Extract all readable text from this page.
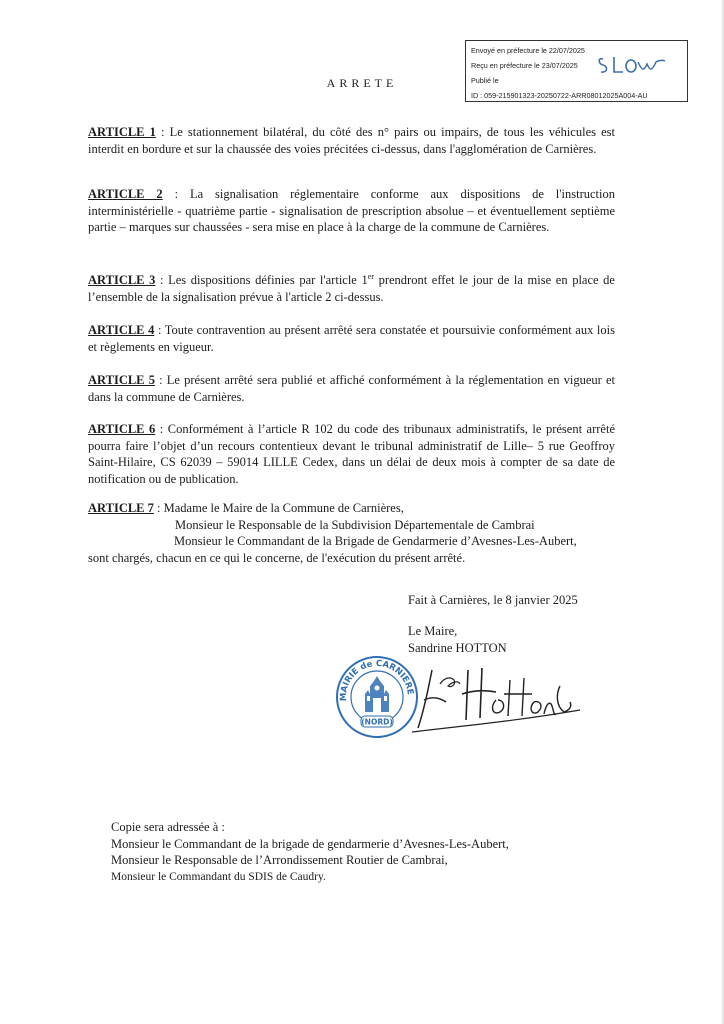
Envoyé en préfecture le 22/07/2025
Reçu en préfecture le 23/07/2025
Publié le
ID : 059-215901323-20250722-ARR08012025A004-AU
ARRETE

ARTICLE 1 : Le stationnement bilatéral, du côté des n° pairs ou impairs, de tous les véhicules est interdit en bordure et sur la chaussée des voies précitées ci-dessus, dans l'agglomération de Carnières.

ARTICLE 2 : La signalisation réglementaire conforme aux dispositions de l'instruction interministérielle - quatrième partie - signalisation de prescription absolue – et éventuellement septième partie – marques sur chaussées - sera mise en place à la charge de la commune de Carnières.

ARTICLE 3 : Les dispositions définies par l'article 1er prendront effet le jour de la mise en place de l’ensemble de la signalisation prévue à l'article 2 ci-dessus.

ARTICLE 4 : Toute contravention au présent arrêté sera constatée et poursuivie conformément aux lois et règlements en vigueur.

ARTICLE 5 : Le présent arrêté sera publié et affiché conformément à la réglementation en vigueur et dans la commune de Carnières.

ARTICLE 6 : Conformément à l’article R 102 du code des tribunaux administratifs, le présent arrêté pourra faire l’objet d’un recours contentieux devant le tribunal administratif de Lille– 5 rue Geoffroy Saint-Hilaire, CS 62039 – 59014 LILLE Cedex, dans un délai de deux mois à compter de sa date de notification ou de publication.

ARTICLE 7 : Madame le Maire de la Commune de Carnières,
Monsieur le Responsable de la Subdivision Départementale de Cambrai
Monsieur le Commandant de la Brigade de Gendarmerie d’Avesnes-Les-Aubert,
sont chargés, chacun en ce qui le concerne, de l'exécution du présent arrêté.
Fait à Carnières, le 8 janvier 2025
Le Maire,
Sandrine HOTTON
MAIRIE de CARNIERE
(NORD)
Copie sera adressée à :
Monsieur le Commandant de la brigade de gendarmerie d’Avesnes-Les-Aubert,
Monsieur le Responsable de l’Arrondissement Routier de Cambrai,
Monsieur le Commandant du SDIS de Caudry.
